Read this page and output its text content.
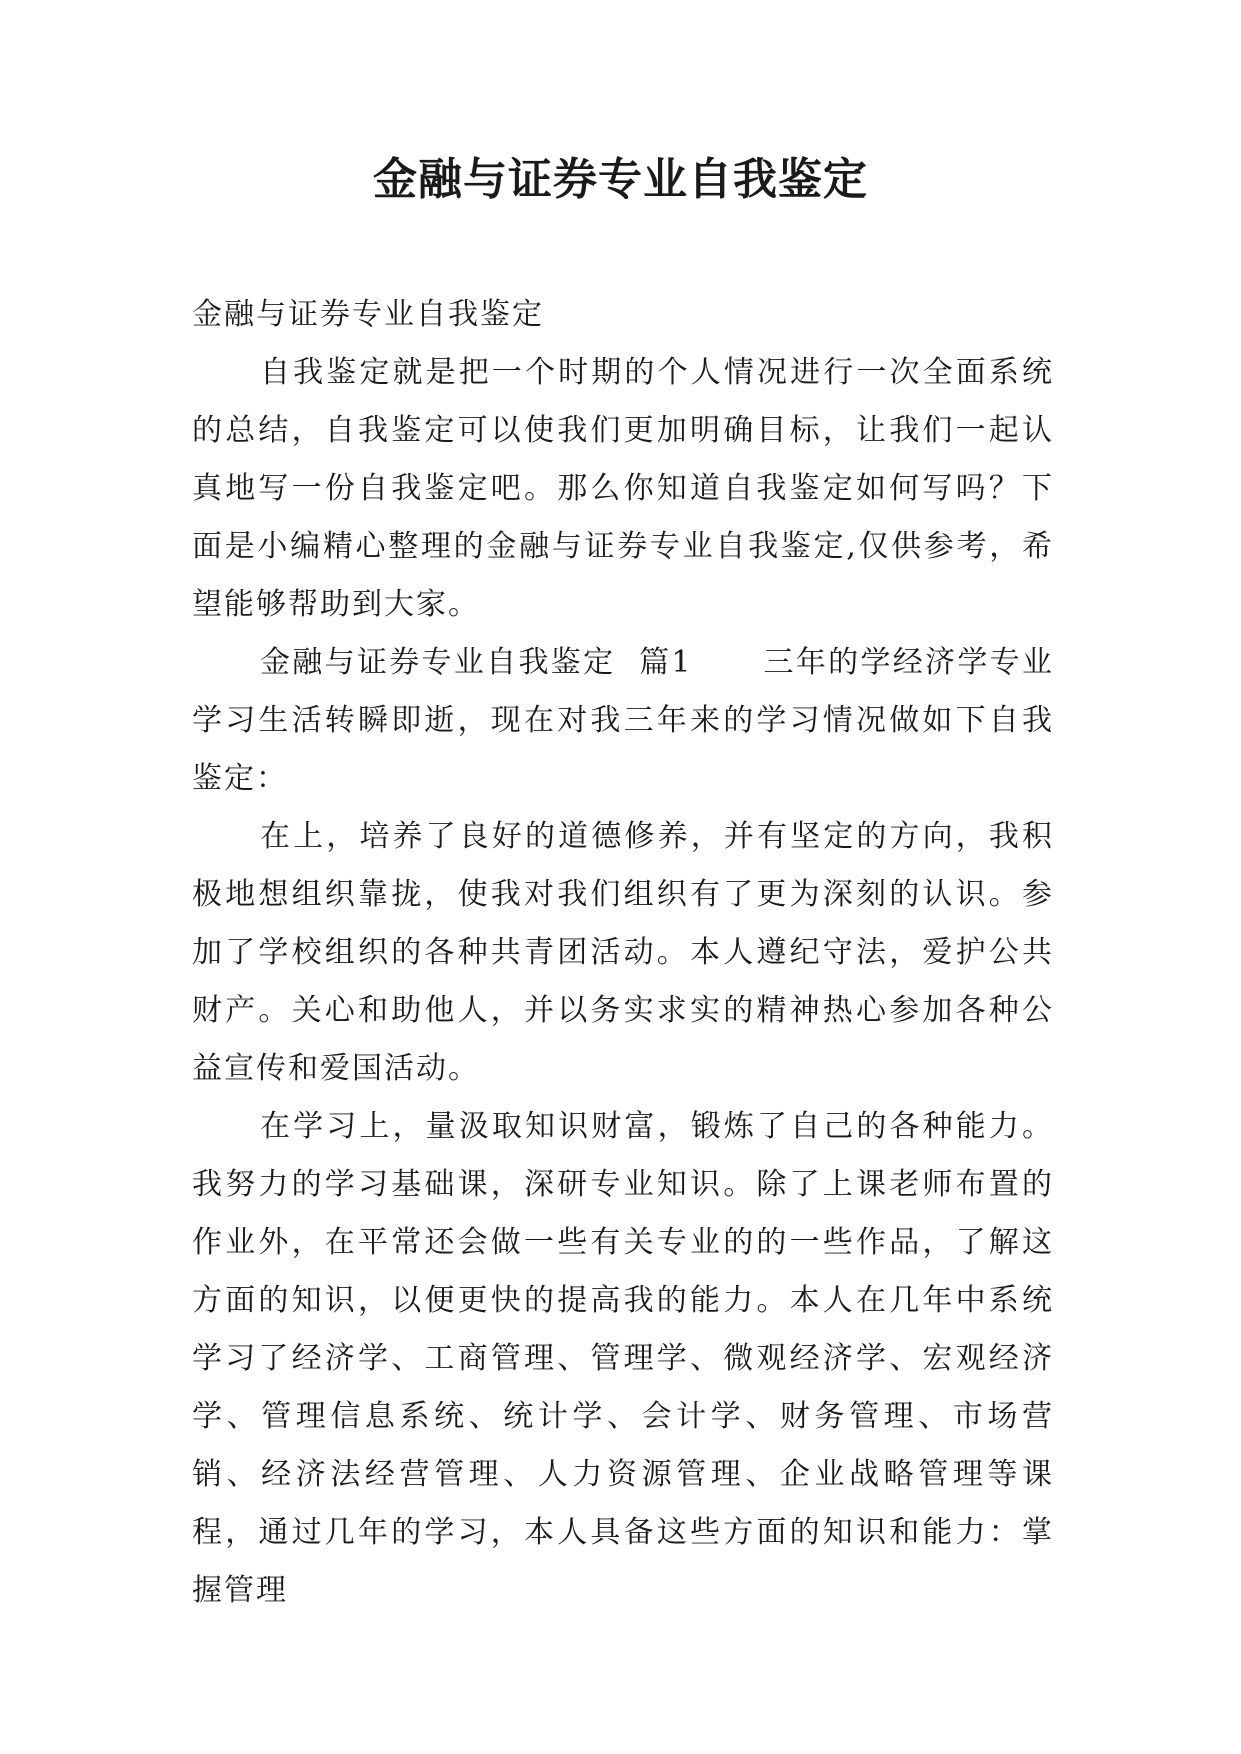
金融与证券专业自我鉴定

金融与证券专业自我鉴定

自我鉴定就是把一个时期的个人情况进行一次全面系统的总结，自我鉴定可以使我们更加明确目标，让我们一起认真地写一份自我鉴定吧。那么你知道自我鉴定如何写吗？下面是小编精心整理的金融与证券专业自我鉴定,仅供参考，希望能够帮助到大家。

金融与证券专业自我鉴定  篇1      三年的学经济学专业学习生活转瞬即逝，现在对我三年来的学习情况做如下自我鉴定：

在上，培养了良好的道德修养，并有坚定的方向，我积极地想组织靠拢，使我对我们组织有了更为深刻的认识。参加了学校组织的各种共青团活动。本人遵纪守法，爱护公共财产。关心和助他人，并以务实求实的精神热心参加各种公益宣传和爱国活动。

在学习上，量汲取知识财富，锻炼了自己的各种能力。我努力的学习基础课，深研专业知识。除了上课老师布置的作业外，在平常还会做一些有关专业的的一些作品，了解这方面的知识，以便更快的提高我的能力。本人在几年中系统学习了经济学、工商管理、管理学、微观经济学、宏观经济学、管理信息系统、统计学、会计学、财务管理、市场营销、经济法经营管理、人力资源管理、企业战略管理等课程，通过几年的学习，本人具备这些方面的知识和能力：掌握管理
